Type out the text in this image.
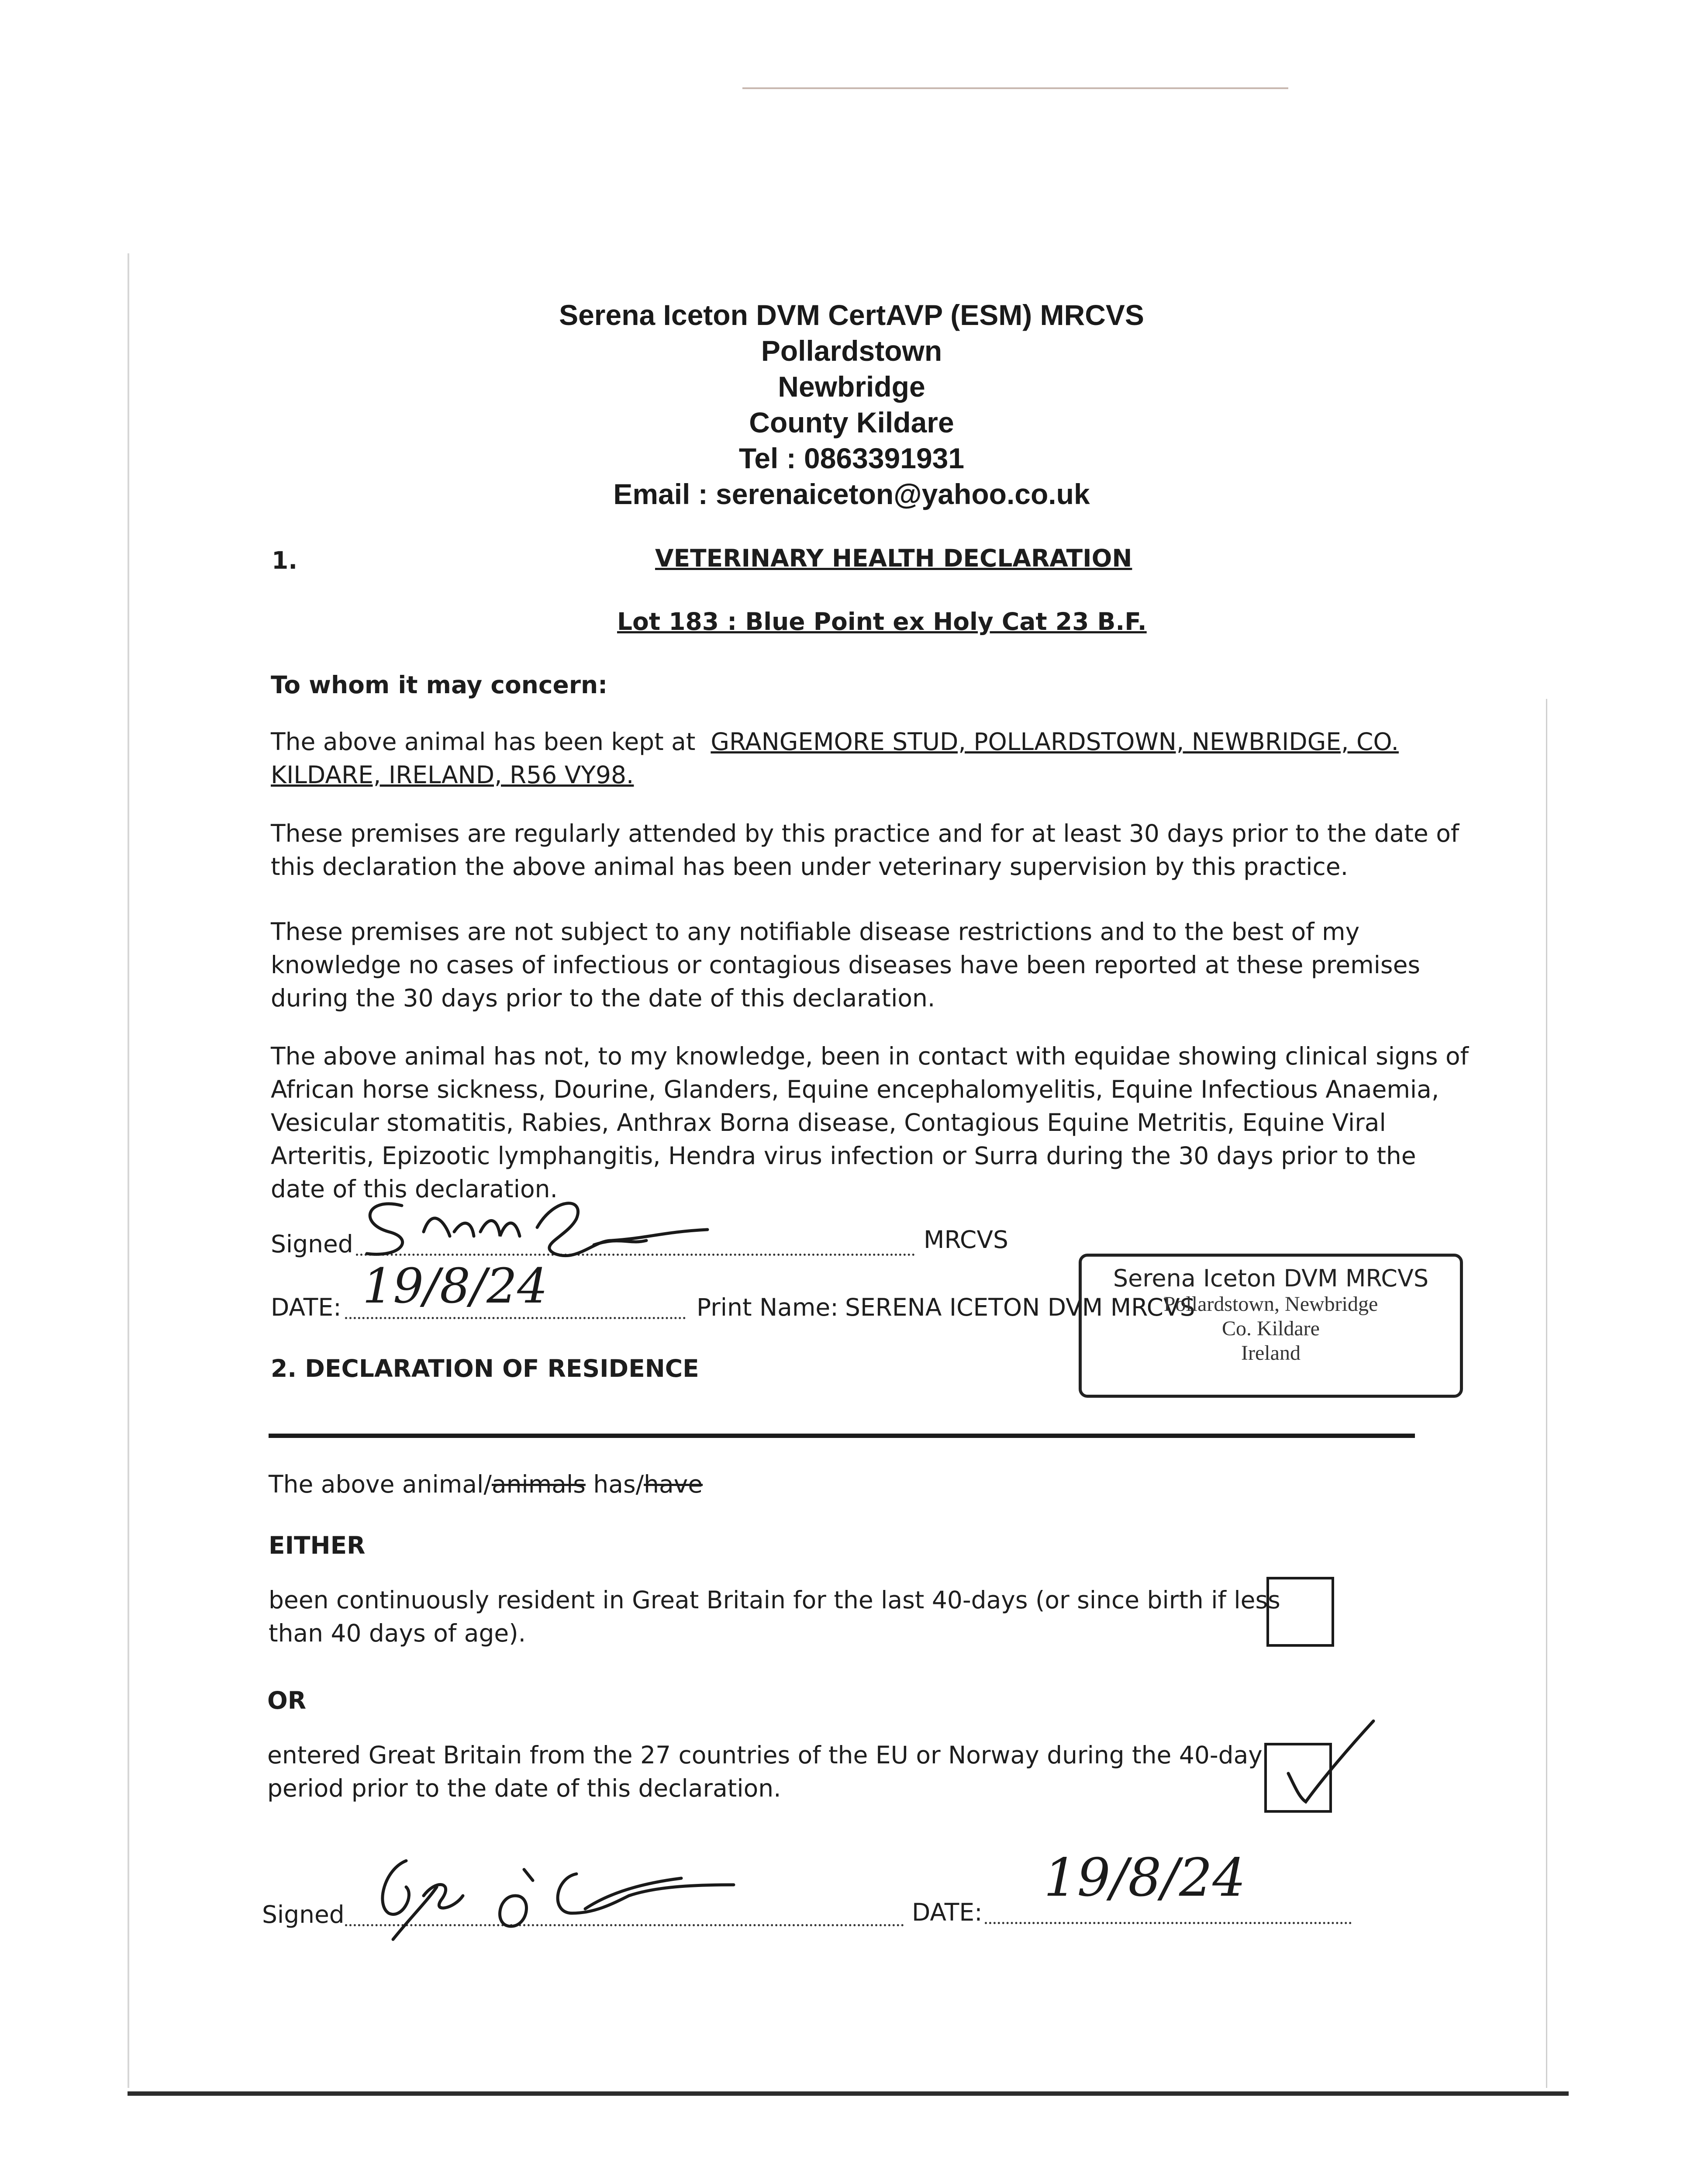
Serena Iceton DVM CertAVP (ESM) MRCVS
Pollardstown
Newbridge
County Kildare
Tel : 0863391931
Email : serenaiceton@yahoo.co.uk
1.	VETERINARY HEALTH DECLARATION
Lot 183 : Blue Point ex Holy Cat 23 B.F.
To whom it may concern:
The above animal has been kept at GRANGEMORE STUD, POLLARDSTOWN, NEWBRIDGE, CO.
KILDARE, IRELAND, R56 VY98.
These premises are regularly attended by this practice and for at least 30 days prior to the date of
this declaration the above animal has been under veterinary supervision by this practice.
These premises are not subject to any notifiable disease restrictions and to the best of my
knowledge no cases of infectious or contagious diseases have been reported at these premises
during the 30 days prior to the date of this declaration.
The above animal has not, to my knowledge, been in contact with equidae showing clinical signs of
African horse sickness, Dourine, Glanders, Equine encephalomyelitis, Equine Infectious Anaemia,
Vesicular stomatitis, Rabies, Anthrax Borna disease, Contagious Equine Metritis, Equine Viral
Arteritis, Epizootic lymphangitis, Hendra virus infection or Surra during the 30 days prior to the
date of this declaration.
Signed	MRCVS
DATE: 19/8/24	Print Name: SERENA ICETON DVM MRCVS
Serena Iceton DVM MRCVS
Pollardstown, Newbridge
Co. Kildare
Ireland
2. DECLARATION OF RESIDENCE
The above animal/animals has/have
EITHER
been continuously resident in Great Britain for the last 40-days (or since birth if less
than 40 days of age).
OR
entered Great Britain from the 27 countries of the EU or Norway during the 40-day
period prior to the date of this declaration.
Signed	DATE:
19/8/24
